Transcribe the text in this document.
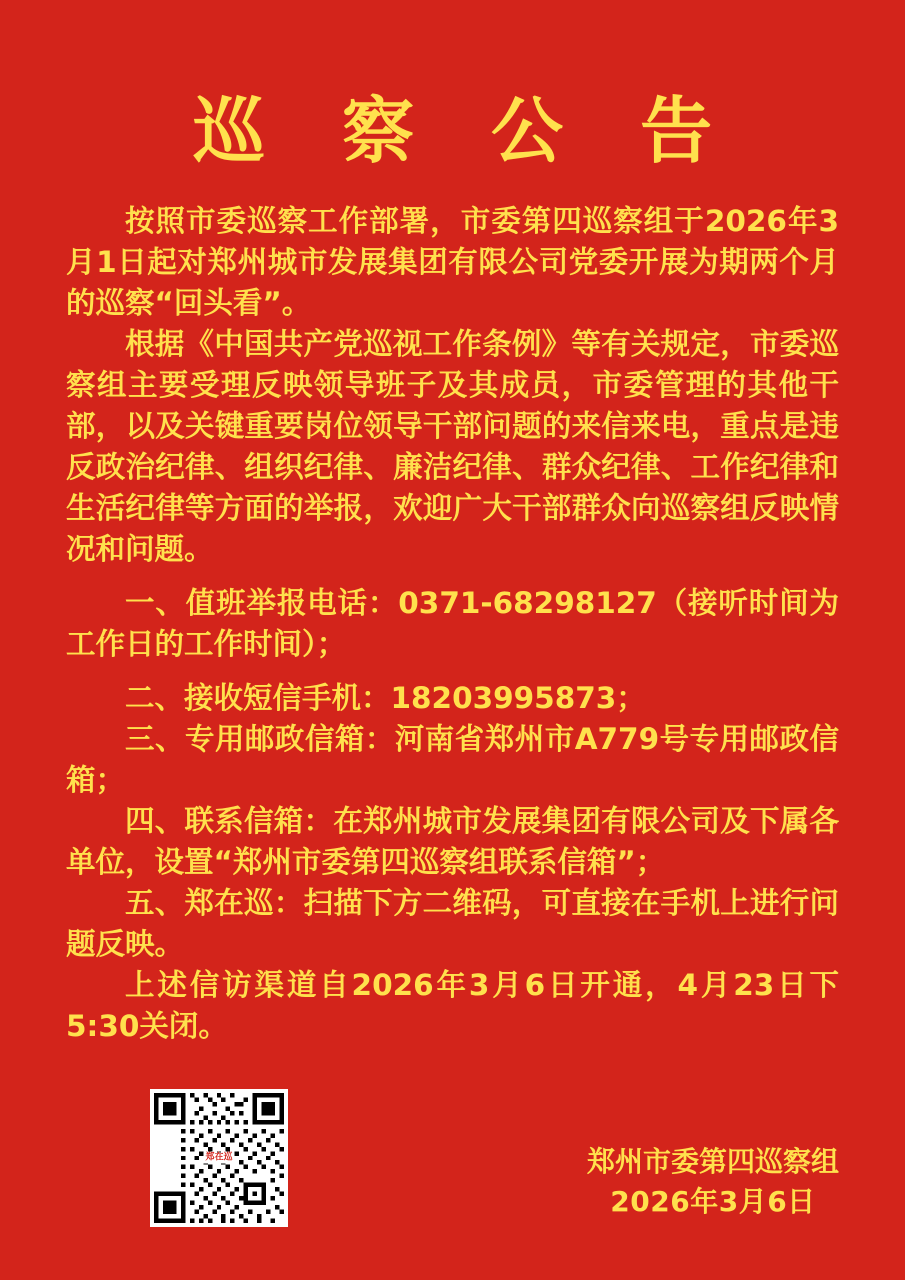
巡 察 公 告

按照市委巡察工作部署，市委第四巡察组于2026年3月1日起对郑州城市发展集团有限公司党委开展为期两个月的巡察“回头看”。

根据《中国共产党巡视工作条例》等有关规定，市委巡察组主要受理反映领导班子及其成员，市委管理的其他干部，以及关键重要岗位领导干部问题的来信来电，重点是违反政治纪律、组织纪律、廉洁纪律、群众纪律、工作纪律和生活纪律等方面的举报，欢迎广大干部群众向巡察组反映情况和问题。

一、值班举报电话：0371-68298127（接听时间为工作日的工作时间）；

二、接收短信手机：18203995873；

三、专用邮政信箱：河南省郑州市A779号专用邮政信箱；

四、联系信箱：在郑州城市发展集团有限公司及下属各单位，设置“郑州市委第四巡察组联系信箱”；

五、郑在巡：扫描下方二维码，可直接在手机上进行问题反映。

上述信访渠道自2026年3月6日开通，4月23日下5:30关闭。

郑在巡	郑州市委第四巡察组
2026年3月6日
